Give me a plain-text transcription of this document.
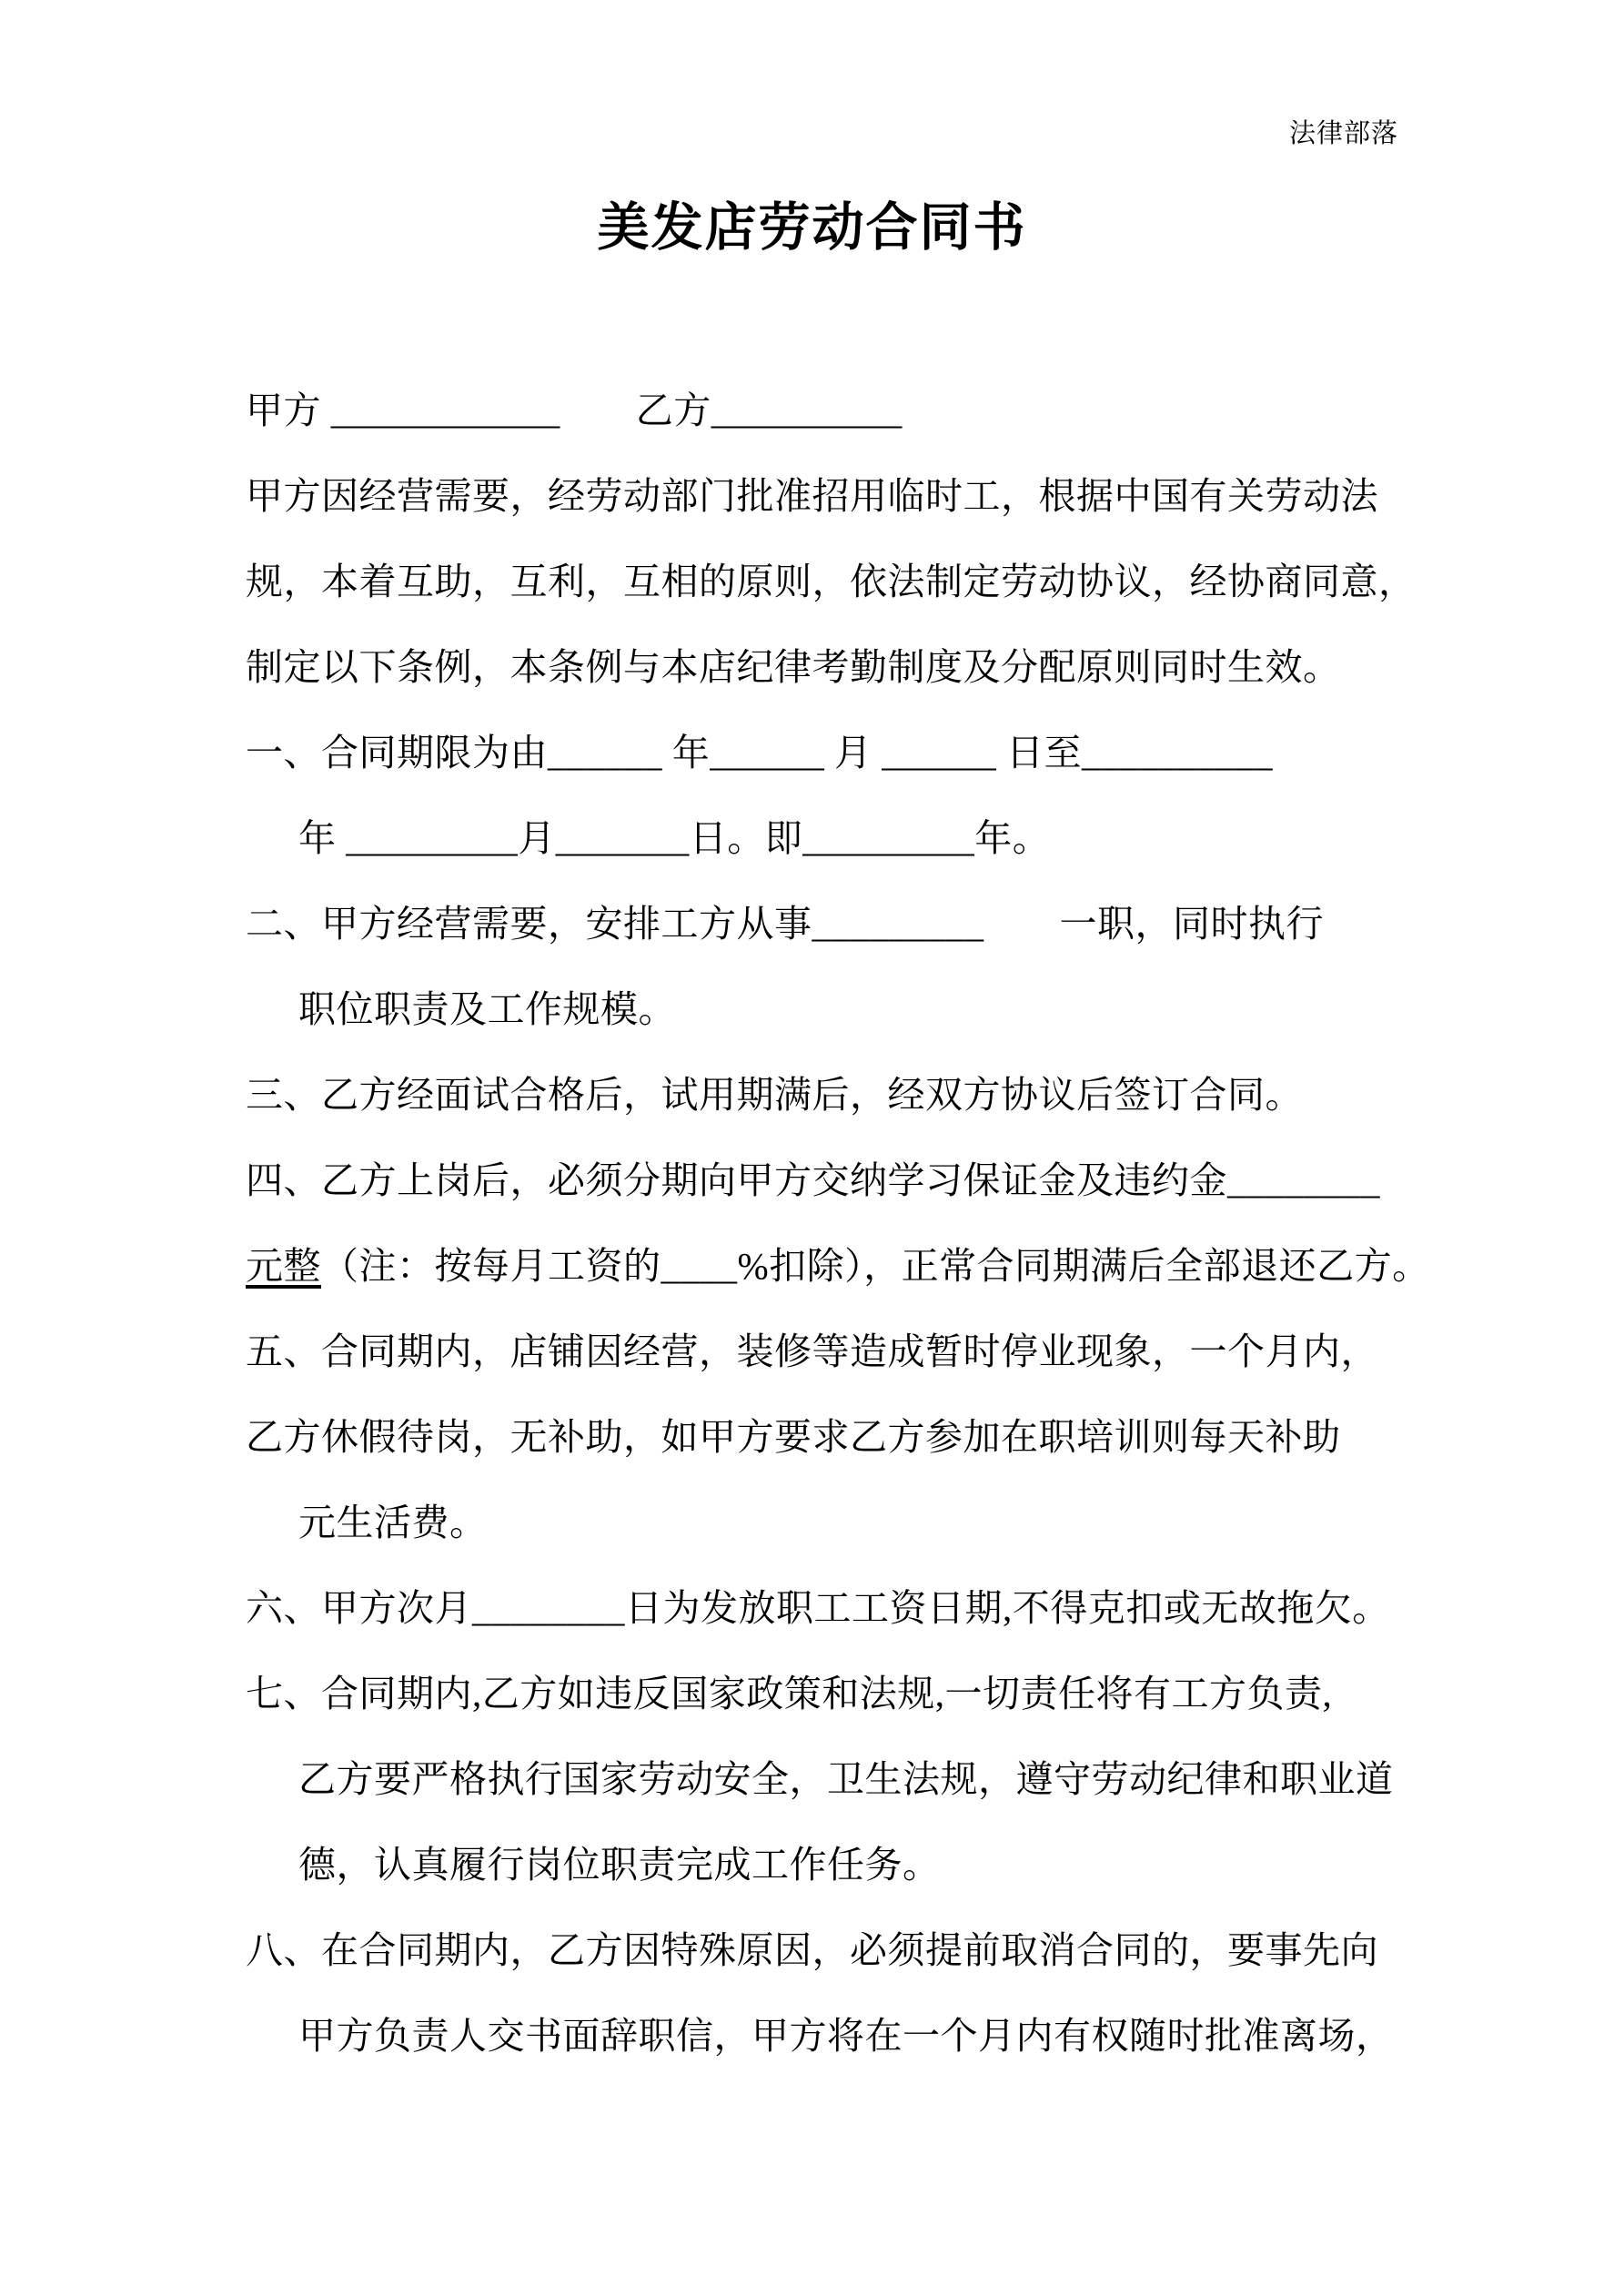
法律部落
美发店劳动合同书
甲方 ____________　　乙方__________
甲方因经营需要，经劳动部门批准招用临时工，根据中国有关劳动法
规，本着互助，互利，互相的原则，依法制定劳动协议，经协商同意，
制定以下条例，本条例与本店纪律考勤制度及分配原则同时生效。
一、合同期限为由______ 年______ 月 ______ 日至__________
年 _________月_______日。即_________年。
二、甲方经营需要，安排工方从事_________　　一职，同时执行
职位职责及工作规模。
三、乙方经面试合格后，试用期满后，经双方协议后签订合同。
四、乙方上岗后，必须分期向甲方交纳学习保证金及违约金________
元整（注：按每月工资的____%扣除），正常合同期满后全部退还乙方。
五、合同期内，店铺因经营，装修等造成暂时停业现象，一个月内，
乙方休假待岗，无补助，如甲方要求乙方参加在职培训则每天补助
元生活费。
六、甲方次月________日为发放职工工资日期,不得克扣或无故拖欠。
七、合同期内,乙方如违反国家政策和法规,一切责任将有工方负责,
乙方要严格执行国家劳动安全，卫生法规，遵守劳动纪律和职业道
德，认真履行岗位职责完成工作任务。
八、在合同期内，乙方因特殊原因，必须提前取消合同的，要事先向
甲方负责人交书面辞职信，甲方将在一个月内有权随时批准离场，
